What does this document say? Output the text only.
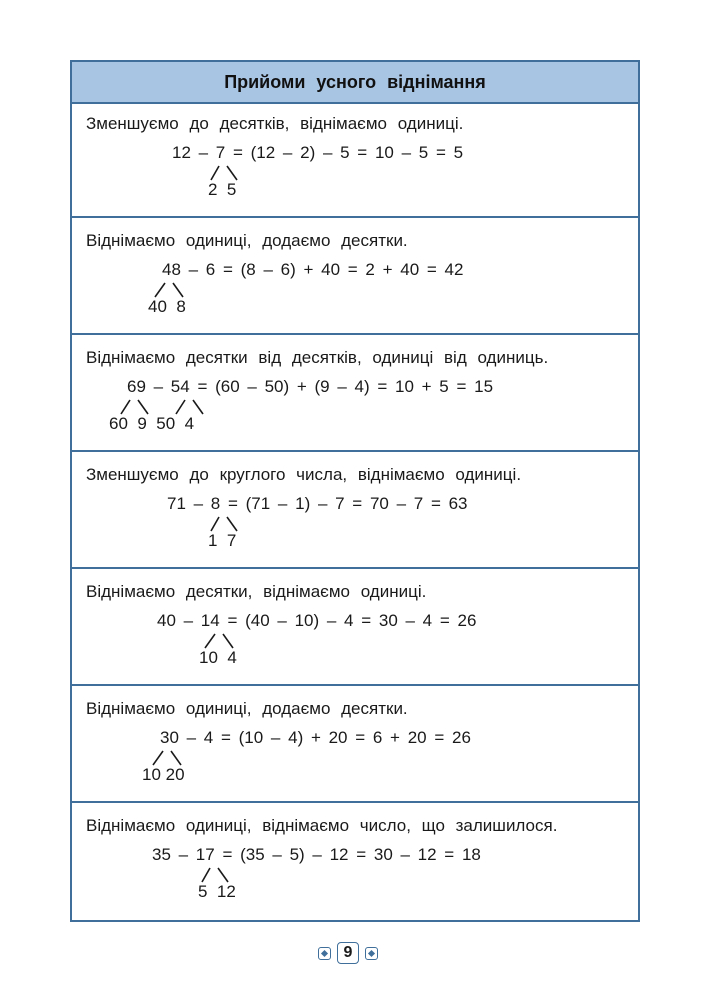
Прийоми усного віднімання
Зменшуємо до десятків, віднімаємо одиниці.
12 – 7 = (12 – 2) – 5 = 10 – 5 = 5
2  5
Віднімаємо одиниці, додаємо десятки.
48 – 6 = (8 – 6) + 40 = 2 + 40 = 42
40  8
Віднімаємо десятки від десятків, одиниці від одиниць.
69 – 54 = (60 – 50) + (9 – 4) = 10 + 5 = 15
60  9  50  4
Зменшуємо до круглого числа, віднімаємо одиниці.
71 – 8 = (71 – 1) – 7 = 70 – 7 = 63
1  7
Віднімаємо десятки, віднімаємо одиниці.
40 – 14 = (40 – 10) – 4 = 30 – 4 = 26
10  4
Віднімаємо одиниці, додаємо десятки.
30 – 4 = (10 – 4) + 20 = 6 + 20 = 26
10 20
Віднімаємо одиниці, віднімаємо число, що залишилося.
35 – 17 = (35 – 5) – 12 = 30 – 12 = 18
5  12
9
